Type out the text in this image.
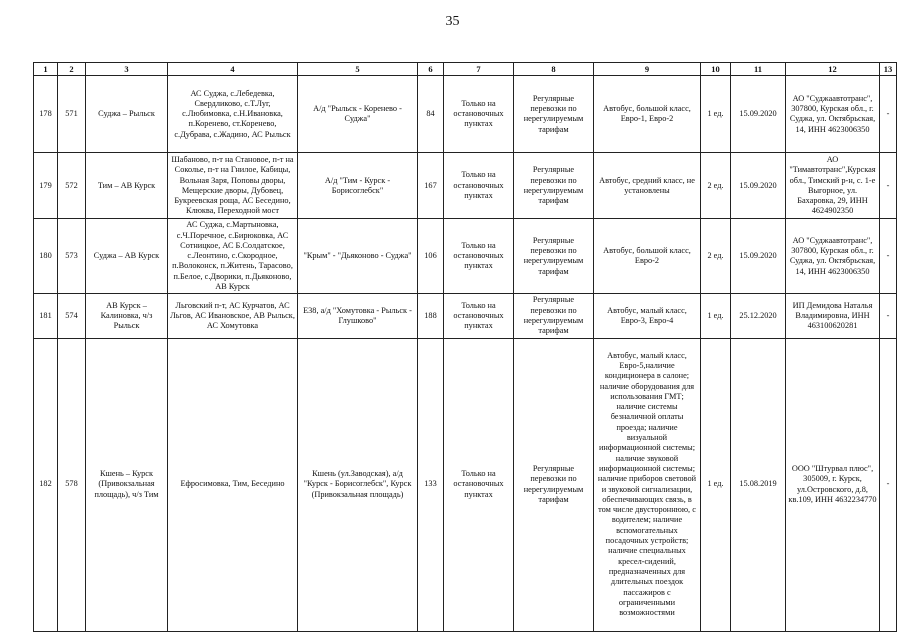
35
1	2	3	4	5	6	7	8	9	10	11	12	13
178	571	Суджа – Рыльск	АС Суджа, с.Лебедевка, Свердликово, с.Т.Луг, с.Любимовка, с.Н.Ивановка, п.Коренево, ст.Коренево, с.Дубрава, с.Жадино, АС Рыльск	А/д "Рыльск - Коренево - Суджа"	84	Только на остановочных пунктах	Регулярные перевозки по нерегулируемым тарифам	Автобус, большой класс, Евро-1, Евро-2	1 ед.	15.09.2020	АО "Суджаавтотранс", 307800, Курская обл., г. Суджа, ул. Октябрьская, 14, ИНН 4623006350	-
179	572	Тим – АВ Курск	Шабаново, п-т на Становое, п-т на Соколье, п-т на Гнилое, Кабицы, Вольная Заря, Поповы дворы, Мещерские дворы, Дубовец, Букреевская роща, АС Беседино, Клюква, Переходной мост	А/д "Тим - Курск - Борисоглебск"	167	Только на остановочных пунктах	Регулярные перевозки по нерегулируемым тарифам	Автобус, средний класс, не установлены	2 ед.	15.09.2020	АО "Тимавтотранс",Курская обл., Тимский р-н, с. 1-е Выгорное, ул. Бахаровка, 29, ИНН 4624902350	-
180	573	Суджа – АВ Курск	АС Суджа, с.Мартыновка, с.Ч.Поречное, с.Бирюковка, АС Сотницкое, АС Б.Солдатское, с.Леонтино, с.Скородное, п.Волоконск, п.Житень, Тарасово, п.Белое, с.Дворики, п.Дьяконово, АВ Курск	"Крым" - "Дьяконово - Суджа"	106	Только на остановочных пунктах	Регулярные перевозки по нерегулируемым тарифам	Автобус, большой класс, Евро-2	2 ед.	15.09.2020	АО "Суджаавтотранс", 307800, Курская обл., г. Суджа, ул. Октябрьская, 14, ИНН 4623006350	-
181	574	АВ Курск – Калиновка, ч/з Рыльск	Льговский п-т, АС Курчатов, АС Льгов, АС Ивановское, АВ Рыльск, АС Хомутовка	Е38, а/д "Хомутовка - Рыльск - Глушково"	188	Только на остановочных пунктах	Регулярные перевозки по нерегулируемым тарифам	Автобус, малый класс, Евро-3, Евро-4	1 ед.	25.12.2020	ИП Демидова Наталья Владимировна, ИНН 463100620281	-
182	578	Кшень – Курск (Привокзальная площадь), ч/з Тим	Ефросимовка, Тим, Беседино	Кшень (ул.Заводская), а/д "Курск - Борисоглебск", Курск (Привокзальная площадь)	133	Только на остановочных пунктах	Регулярные перевозки по нерегулируемым тарифам	Автобус, малый класс, Евро-5,наличие кондиционера в салоне; наличие оборудования для использования ГМТ; наличие системы безналичной оплаты проезда; наличие визуальной информационной системы; наличие звуковой информационной системы; наличие приборов световой и звуковой сигнализации, обеспечивающих связь, в том числе двустороннюю, с водителем; наличие вспомогательных посадочных устройств; наличие специальных кресел-сидений, предназначенных для длительных поездок пассажиров с ограниченными возможностями	1 ед.	15.08.2019	ООО "Штурвал плюс", 305009, г. Курск, ул.Островского, д.8, кв.109, ИНН 4632234770	-
